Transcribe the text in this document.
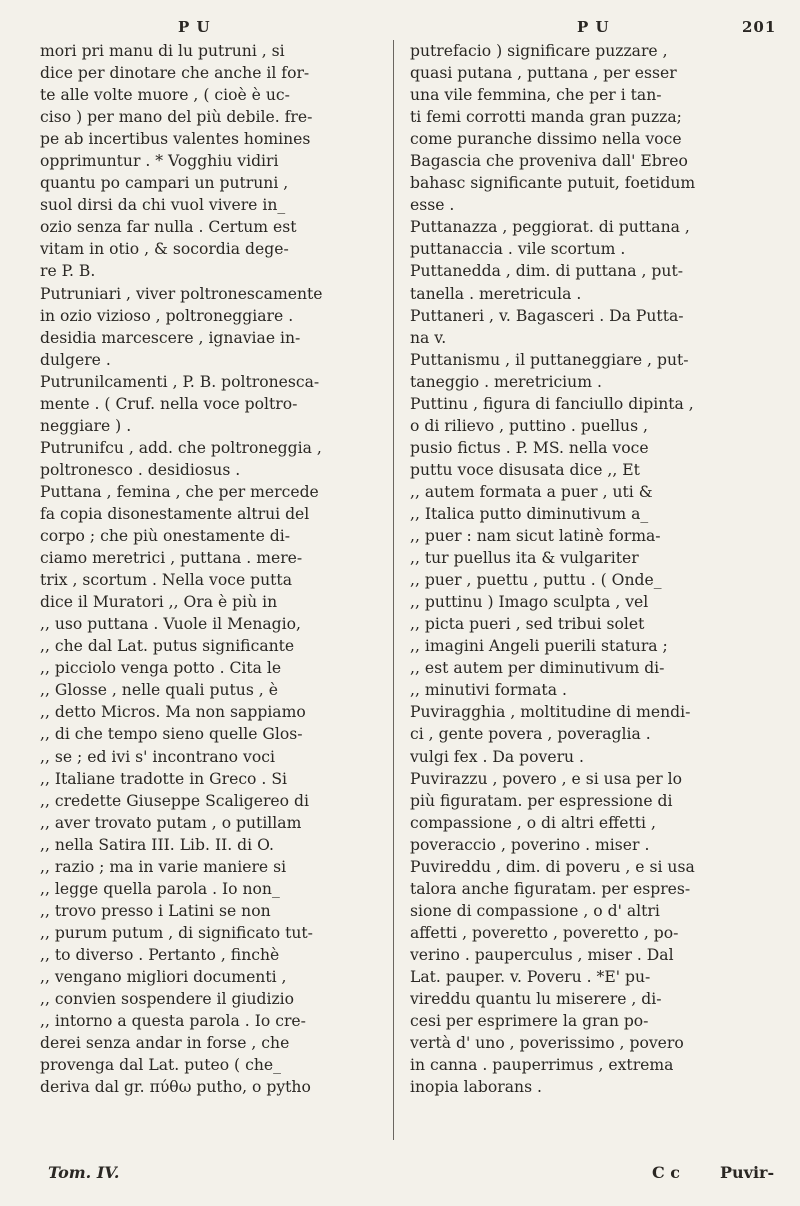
P U	P U	201
mori pri manu di lu putruni , si
dice per dinotare che anche il for-
te alle volte muore , ( cioè è uc-
ciso ) per mano del più debile. fre-
pe ab incertibus valentes homines
opprimuntur . * Vogghiu vidiri
quantu po campari un putruni ,
suol dirsi da chi vuol vivere in_
ozio senza far nulla . Certum est
vitam in otio , & socordia dege-
re P. B.
Putruniari , viver poltronescamente
in ozio vizioso , poltroneggiare .
desidia marcescere , ignaviae in-
dulgere .
Putrunilcamenti , P. B. poltronesca-
mente . ( Cruf. nella voce poltro-
neggiare ) .
Putrunifcu , add. che poltroneggia ,
poltronesco . desidiosus .
Puttana , femina , che per mercede
fa copia disonestamente altrui del
corpo ; che più onestamente di-
ciamo meretrici , puttana . mere-
trix , scortum . Nella voce putta
dice il Muratori ,, Ora è più in
,, uso puttana . Vuole il Menagio,
,, che dal Lat. putus significante
,, picciolo venga potto . Cita le
,, Glosse , nelle quali putus , è
,, detto Micros. Ma non sappiamo
,, di che tempo sieno quelle Glos-
,, se ; ed ivi s' incontrano voci
,, Italiane tradotte in Greco . Si
,, credette Giuseppe Scaligereo di
,, aver trovato putam , o putillam
,, nella Satira III. Lib. II. di O.
,, razio ; ma in varie maniere si
,, legge quella parola . Io non_
,, trovo presso i Latini se non
,, purum putum , di significato tut-
,, to diverso . Pertanto , finchè
,, vengano migliori documenti ,
,, convien sospendere il giudizio
,, intorno a questa parola . Io cre-
derei senza andar in forse , che
provenga dal Lat. puteo ( che_
deriva dal gr. πύθω putho, o pytho
putrefacio ) significare puzzare ,
quasi putana , puttana , per esser
una vile femmina, che per i tan-
ti femi corrotti manda gran puzza;
come puranche dissimo nella voce
Bagascia che proveniva dall' Ebreo
bahasc significante putuit, foetidum
esse .
Puttanazza , peggiorat. di puttana ,
puttanaccia . vile scortum .
Puttanedda , dim. di puttana , put-
tanella . meretricula .
Puttaneri , v. Bagasceri . Da Putta-
na v.
Puttanismu , il puttaneggiare , put-
taneggio . meretricium .
Puttinu , figura di fanciullo dipinta ,
o di rilievo , puttino . puellus ,
pusio fictus . P. MS. nella voce
puttu voce disusata dice ,, Et
,, autem formata a puer , uti &
,, Italica putto diminutivum a_
,, puer : nam sicut latinè forma-
,, tur puellus ita & vulgariter
,, puer , puettu , puttu . ( Onde_
,, puttinu ) Imago sculpta , vel
,, picta pueri , sed tribui solet
,, imagini Angeli puerili statura ;
,, est autem per diminutivum di-
,, minutivi formata .
Puviragghia , moltitudine di mendi-
ci , gente povera , poveraglia .
vulgi fex . Da poveru .
Puvirazzu , povero , e si usa per lo
più figuratam. per espressione di
compassione , o di altri effetti ,
poveraccio , poverino . miser .
Puvireddu , dim. di poveru , e si usa
talora anche figuratam. per espres-
sione di compassione , o d' altri
affetti , poveretto , poveretto , po-
verino . pauperculus , miser . Dal
Lat. pauper. v. Poveru . *E' pu-
vireddu quantu lu miserere , di-
cesi per esprimere la gran po-
vertà d' uno , poverissimo , povero
in canna . pauperrimus , extrema
inopia laborans .
Tom. IV.	C c Puvir-
